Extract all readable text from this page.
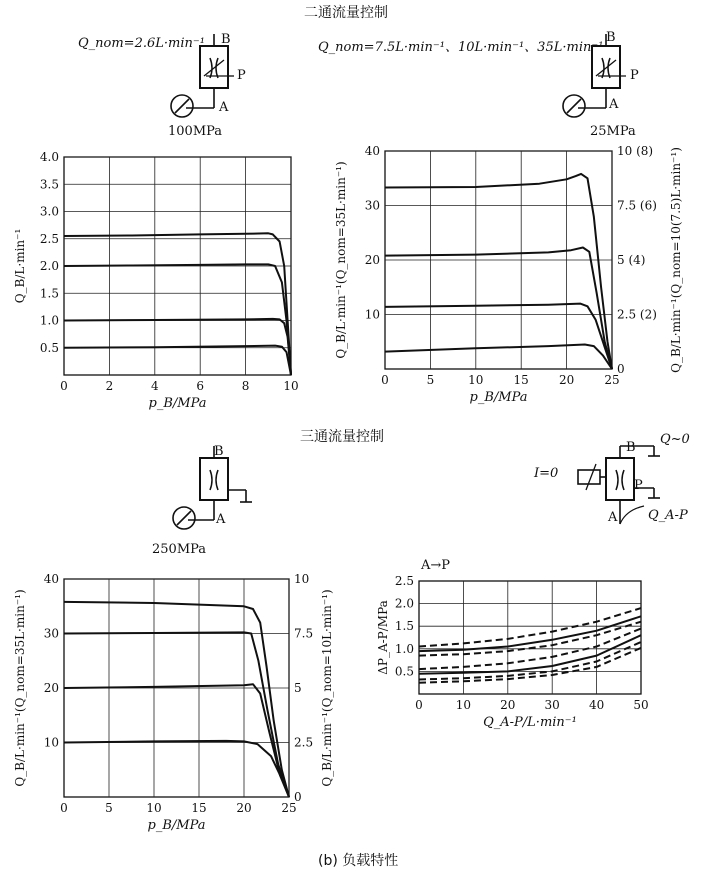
二通流量控制
三通流量控制
(b) 负载特性
Q_nom=2.6L·min⁻¹ B
P
A
100MPa
Q_nom=7.5L·min⁻¹、10L·min⁻¹、35L·min⁻¹
B
P
A
25MPa
B
A
250MPa
I=0
B
Q~0
P
A Q_A-P
0	2	4	6	8	10
0.5
1.0
1.5
2.0
2.5
3.0
3.5
4.0
p_B/MPa
Q_B/L·min⁻¹
0	5	10	15	20	25
10
20
30
40
2.5 (2)
5 (4)
7.5 (6)
10 (8)
0
p_B/MPa
Q_B/L·min⁻¹(Q_nom=35L·min⁻¹)	Q_B/L·min⁻¹(Q_nom=10(7.5)L·min⁻¹)
0	5	10 15 20 25
10
20
30
40
2.5
5
7.5
10
0
p_B/MPa
Q_B/L·min⁻¹(Q_nom=35L·min⁻¹)	Q_B/L·min⁻¹(Q_nom=10L·min⁻¹)	0	10 20 30 40 50
0.5
1.0
1.5
2.0
2.5
Q_A-P/L·min⁻¹
ΔP_A-P/MPa
A→P
